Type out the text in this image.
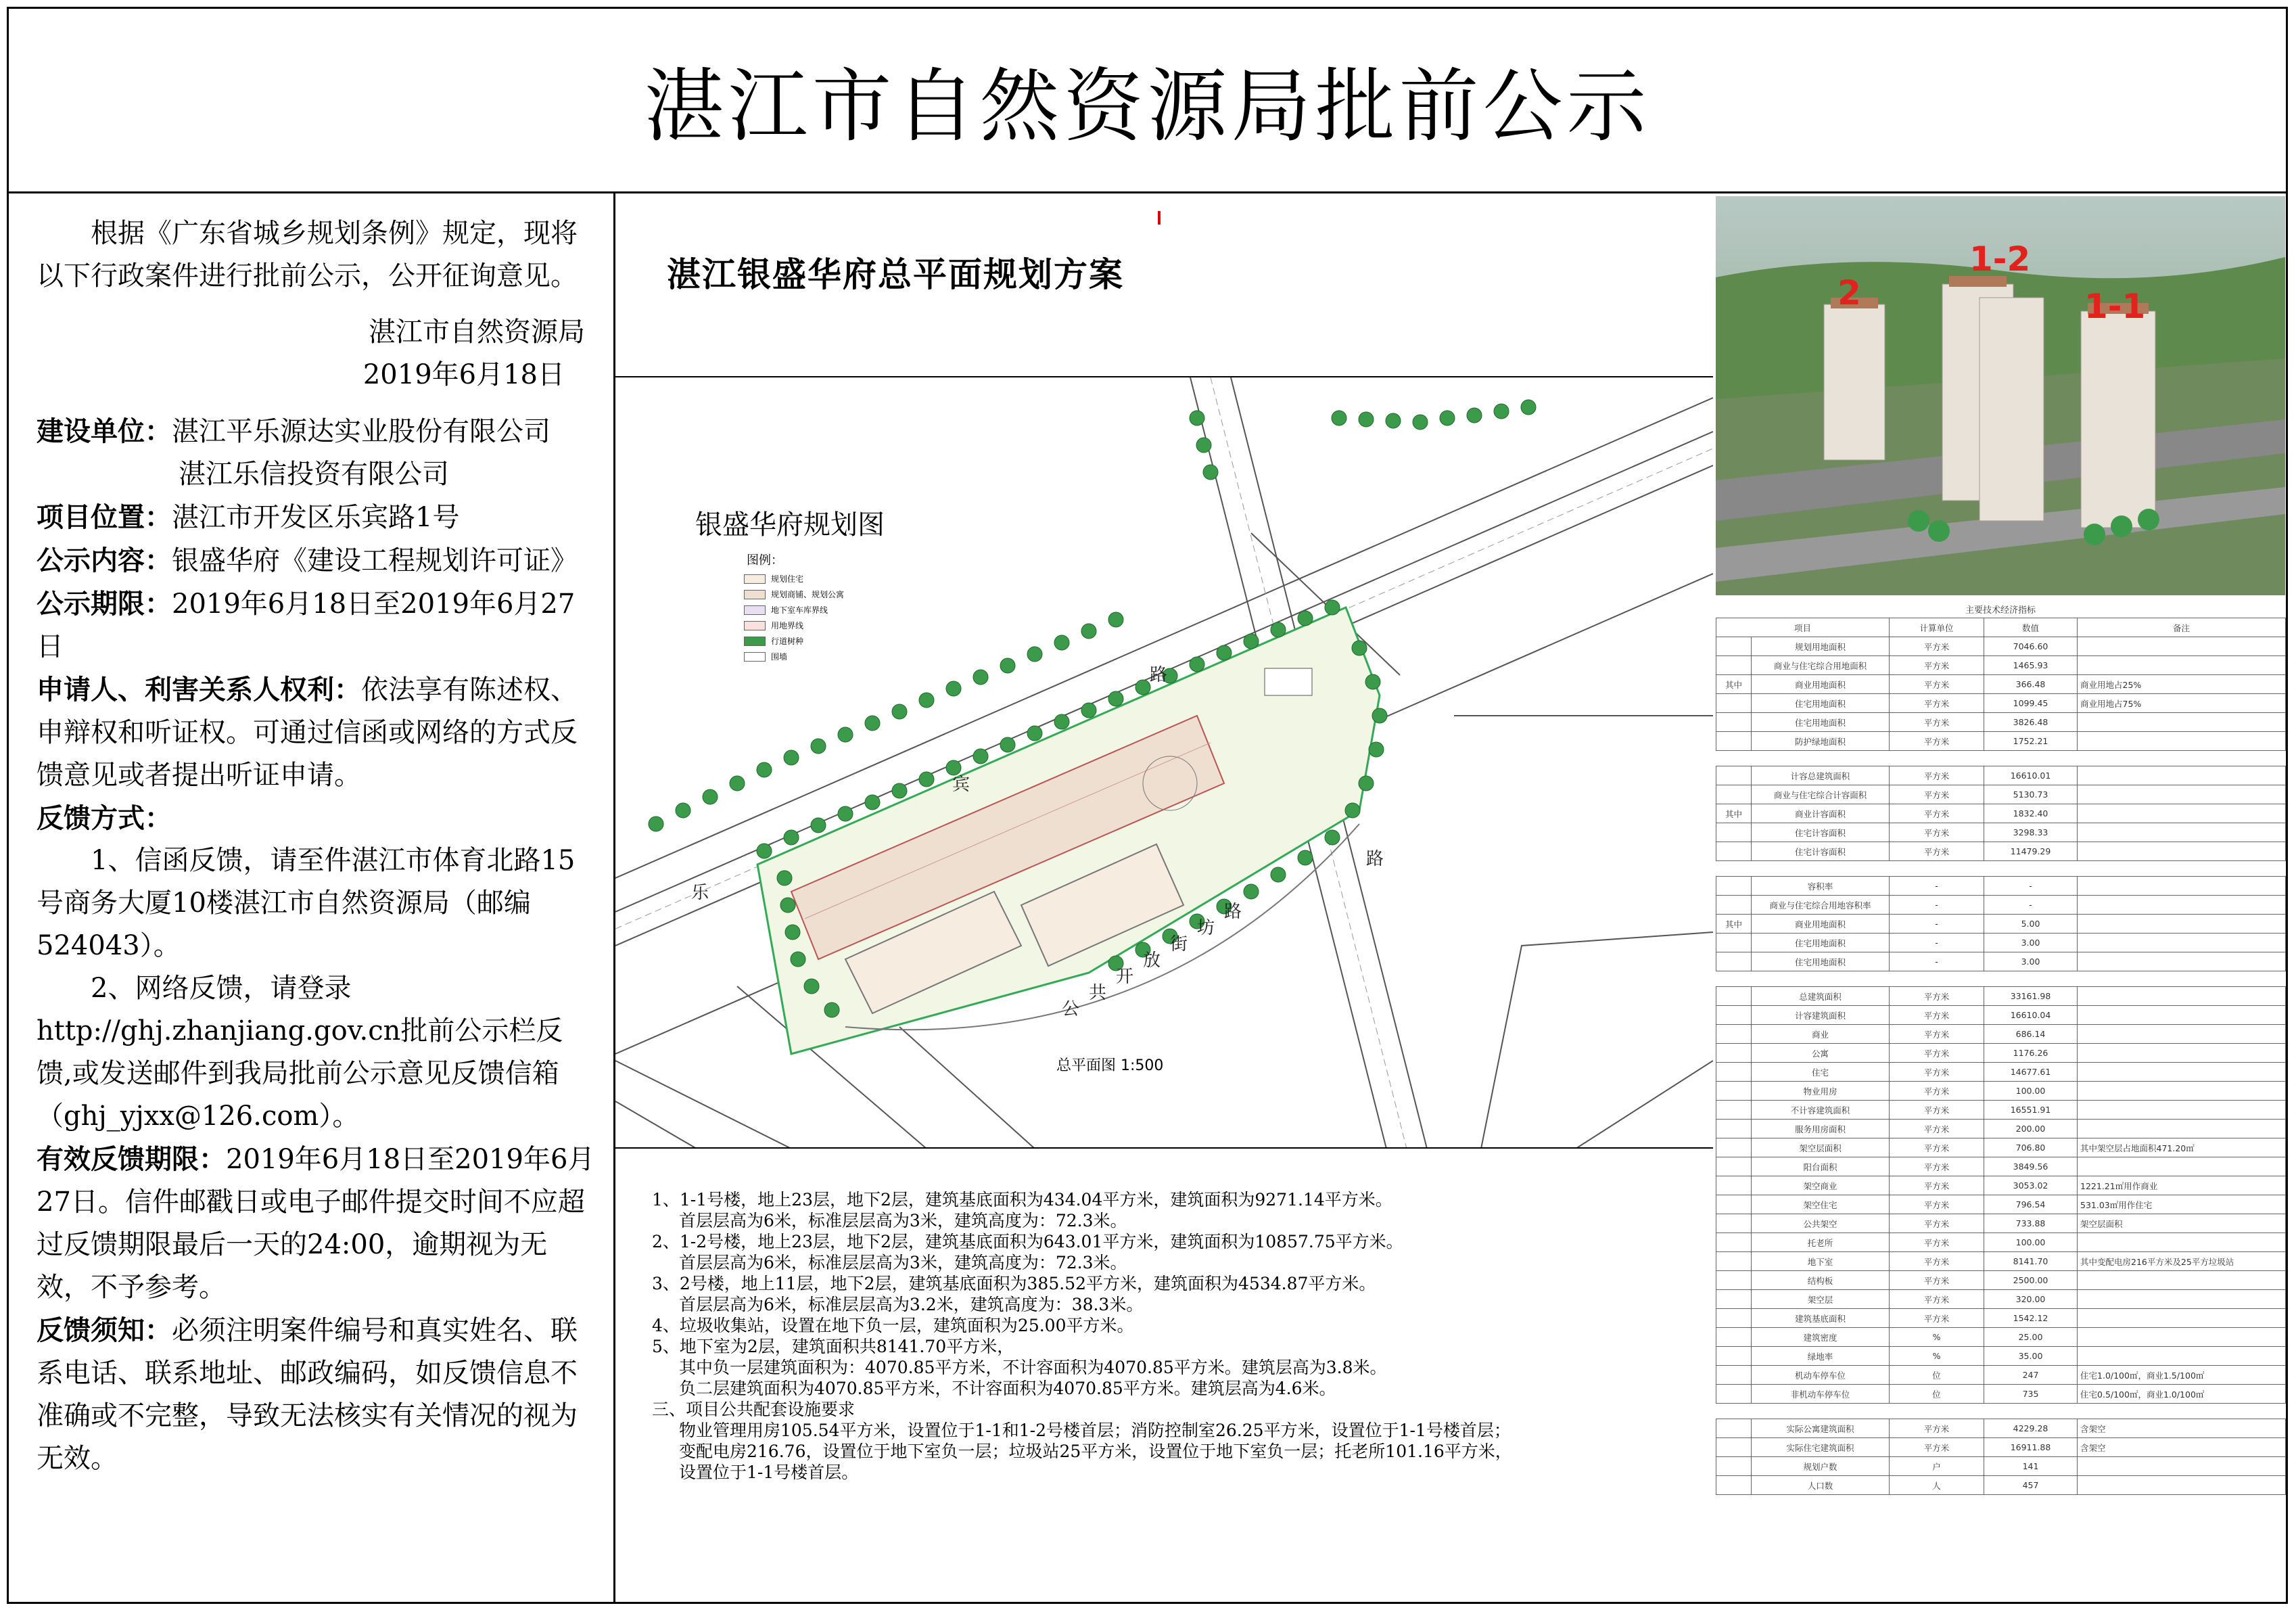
湛江市自然资源局批前公示

根据《广东省城乡规划条例》规定，现将以下行政案件进行批前公示，公开征询意见。

湛江市自然资源局

2019年6月18日

建设单位：湛江平乐源达实业股份有限公司

湛江乐信投资有限公司

项目位置：湛江市开发区乐宾路1号

公示内容：银盛华府《建设工程规划许可证》

公示期限：2019年6月18日至2019年6月27日

申请人、利害关系人权利：依法享有陈述权、申辩权和听证权。可通过信函或网络的方式反馈意见或者提出听证申请。

反馈方式：

1、信函反馈，请至件湛江市体育北路15号商务大厦10楼湛江市自然资源局（邮编524043）。

2、网络反馈，请登录

http://ghj.zhanjiang.gov.cn批前公示栏反馈,或发送邮件到我局批前公示意见反馈信箱（ghj_yjxx@126.com）。

有效反馈期限：2019年6月18日至2019年6月27日。信件邮戳日或电子邮件提交时间不应超过反馈期限最后一天的24:00，逾期视为无效，不予参考。

反馈须知：必须注明案件编号和真实姓名、联系电话、联系地址、邮政编码，如反馈信息不准确或不完整，导致无法核实有关情况的视为无效。

湛江银盛华府总平面规划方案
乐
宾
路
公
共
开
放
街
坊
路
路
银盛华府规划图
图例：
规划住宅
规划商铺、规划公寓
地下室车库界线
用地界线
行道树种
围墙
总平面图 1:500

1、1-1号楼，地上23层，地下2层，建筑基底面积为434.04平方米，建筑面积为9271.14平方米。

首层层高为6米，标准层层高为3米，建筑高度为：72.3米。

2、1-2号楼，地上23层，地下2层，建筑基底面积为643.01平方米，建筑面积为10857.75平方米。

首层层高为6米，标准层层高为3米，建筑高度为：72.3米。

3、2号楼，地上11层，地下2层，建筑基底面积为385.52平方米，建筑面积为4534.87平方米。

首层层高为6米，标准层层高为3.2米，建筑高度为：38.3米。

4、垃圾收集站，设置在地下负一层，建筑面积为25.00平方米。

5、地下室为2层，建筑面积共8141.70平方米，

其中负一层建筑面积为：4070.85平方米，不计容面积为4070.85平方米。建筑层高为3.8米。

负二层建筑面积为4070.85平方米，不计容面积为4070.85平方米。建筑层高为4.6米。

三、项目公共配套设施要求

物业管理用房105.54平方米，设置位于1-1和1-2号楼首层；消防控制室26.25平方米，设置位于1-1号楼首层；

变配电房216.76，设置位于地下室负一层；垃圾站25平方米，设置位于地下室负一层；托老所101.16平方米，

设置位于1-1号楼首层。

2
1-2
1-1
主要技术经济指标
项目		计算单位	数值	备注
	规划用地面积	平方米	7046.60	
	商业与住宅综合用地面积	平方米	1465.93	
其中	商业用地面积	平方米	366.48	商业用地占25%
	住宅用地面积	平方米	1099.45	商业用地占75%
	住宅用地面积	平方米	3826.48	
	防护绿地面积	平方米	1752.21	

	计容总建筑面积	平方米	16610.01	
	商业与住宅综合计容面积	平方米	5130.73	
其中	商业计容面积	平方米	1832.40	
	住宅计容面积	平方米	3298.33	
	住宅计容面积	平方米	11479.29	

	容积率	-	-	
	商业与住宅综合用地容积率	-	-	
其中	商业用地面积	-	5.00	
	住宅用地面积	-	3.00	
	住宅用地面积	-	3.00	

	总建筑面积	平方米	33161.98	
	计容建筑面积	平方米	16610.04	
	商业	平方米	686.14	
	公寓	平方米	1176.26	
	住宅	平方米	14677.61	
	物业用房	平方米	100.00	
	不计容建筑面积	平方米	16551.91	
	服务用房面积	平方米	200.00	
	架空层面积	平方米	706.80	其中架空层占地面积471.20㎡
	阳台面积	平方米	3849.56	
	架空商业	平方米	3053.02	1221.21㎡用作商业
	架空住宅	平方米	796.54	531.03㎡用作住宅
	公共架空	平方米	733.88	架空层面积
	托老所	平方米	100.00	
	地下室	平方米	8141.70	其中变配电房216平方米及25平方垃圾站
	结构板	平方米	2500.00	
	架空层	平方米	320.00	
	建筑基底面积	平方米	1542.12	
	建筑密度	%	25.00	
	绿地率	%	35.00	
	机动车停车位	位	247	住宅1.0/100㎡，商业1.5/100㎡
	非机动车停车位	位	735	住宅0.5/100㎡，商业1.0/100㎡

	实际公寓建筑面积	平方米	4229.28	含架空
	实际住宅建筑面积	平方米	16911.88	含架空
	规划户数	户	141	
	人口数	人	457	
